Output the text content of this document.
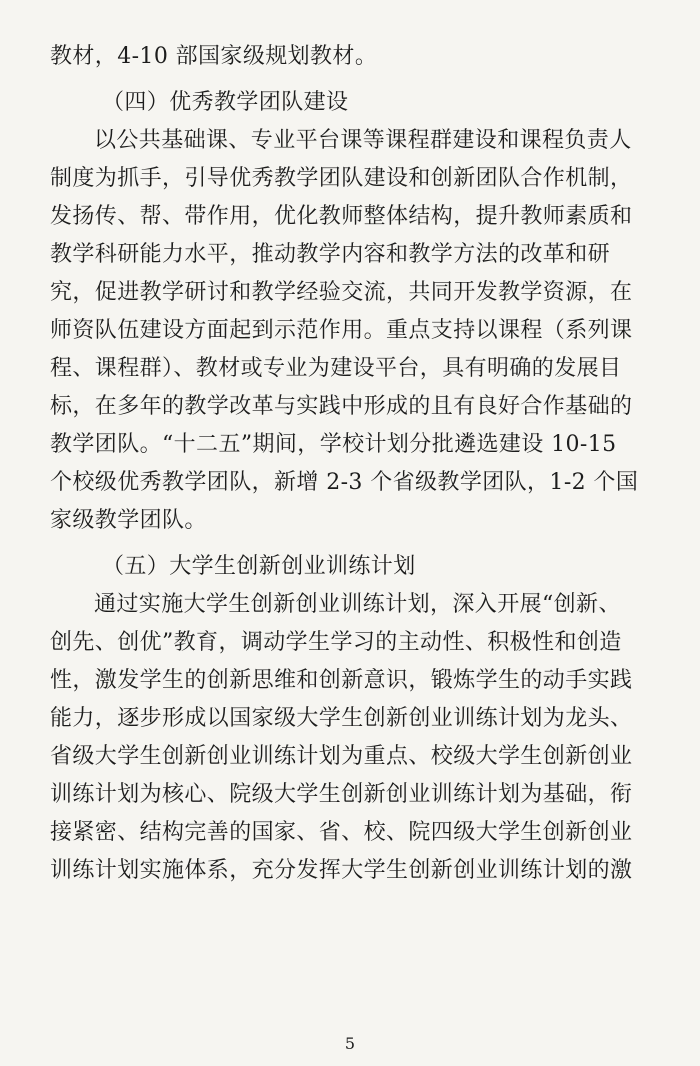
教材，4-10 部国家级规划教材。

（四）优秀教学团队建设

以公共基础课、专业平台课等课程群建设和课程负责人

制度为抓手，引导优秀教学团队建设和创新团队合作机制，

发扬传、帮、带作用，优化教师整体结构，提升教师素质和

教学科研能力水平，推动教学内容和教学方法的改革和研

究，促进教学研讨和教学经验交流，共同开发教学资源，在

师资队伍建设方面起到示范作用。重点支持以课程（系列课

程、课程群）、教材或专业为建设平台，具有明确的发展目

标，在多年的教学改革与实践中形成的且有良好合作基础的

教学团队。“十二五”期间，学校计划分批遴选建设 10-15

个校级优秀教学团队，新增 2-3 个省级教学团队，1-2 个国

家级教学团队。

（五）大学生创新创业训练计划

通过实施大学生创新创业训练计划，深入开展“创新、

创先、创优”教育，调动学生学习的主动性、积极性和创造

性，激发学生的创新思维和创新意识，锻炼学生的动手实践

能力，逐步形成以国家级大学生创新创业训练计划为龙头、

省级大学生创新创业训练计划为重点、校级大学生创新创业

训练计划为核心、院级大学生创新创业训练计划为基础，衔

接紧密、结构完善的国家、省、校、院四级大学生创新创业

训练计划实施体系，充分发挥大学生创新创业训练计划的激

5
